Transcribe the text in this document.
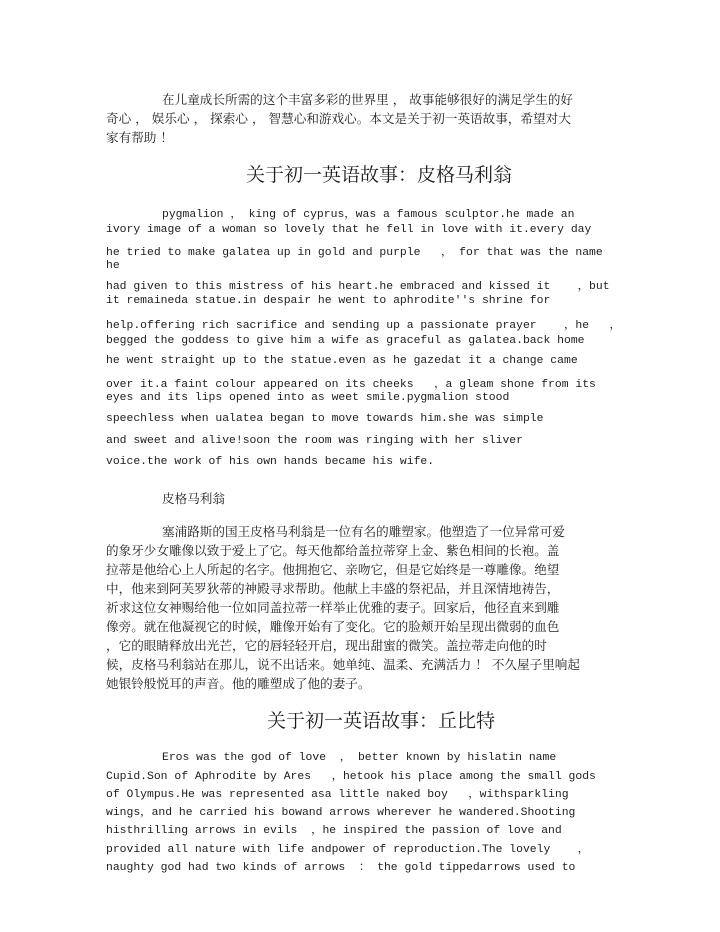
在儿童成长所需的这个丰富多彩的世界里 ， 故事能够很好的满足学生的好
奇心 ， 娱乐心 ， 探索心 ， 智慧心和游戏心。本文是关于初一英语故事，希望对大
家有帮助 ！
关于初一英语故事：皮格马利翁
pygmalion ， king of cyprus，was a famous sculptor.he made an
ivory image of a woman so lovely that he fell in love with it.every day
he tried to make galatea up in gold and purple   ， for that was the name
he
had given to this mistress of his heart.he embraced and kissed it    ，but
it remaineda statue.in despair he went to aphrodite''s shrine for
help.offering rich sacrifice and sending up a passionate prayer    ，he   ，
begged the goddess to give him a wife as graceful as galatea.back home
he went straight up to the statue.even as he gazedat it a change came
over it.a faint colour appeared on its cheeks   ，a gleam shone from its
eyes and its lips opened into as weet smile.pygmalion stood
speechless when ualatea began to move towards him.she was simple
and sweet and alive!soon the room was ringing with her sliver
voice.the work of his own hands became his wife.
皮格马利翁
塞浦路斯的国王皮格马利翁是一位有名的雕塑家。他塑造了一位异常可爱
的象牙少女雕像以致于爱上了它。每天他都给盖拉蒂穿上金、紫色相间的长袍。盖
拉蒂是他给心上人所起的名字。他拥抱它、亲吻它，但是它始终是一尊雕像。绝望
中，他来到阿芙罗狄蒂的神殿寻求帮助。他献上丰盛的祭祀品，并且深情地祷告，
祈求这位女神赐给他一位如同盖拉蒂一样举止优雅的妻子。回家后，他径直来到雕
像旁。就在他凝视它的时候，雕像开始有了变化。它的脸颊开始呈现出微弱的血色
，它的眼睛释放出光芒，它的唇轻轻开启，现出甜蜜的微笑。盖拉蒂走向他的时
候，皮格马利翁站在那儿，说不出话来。她单纯、温柔、充满活力 ！ 不久屋子里响起
她银铃般悦耳的声音。他的雕塑成了他的妻子。
关于初一英语故事：丘比特
Eros was the god of love  ， better known by hislatin name
Cupid.Son of Aphrodite by Ares   ，hetook his place among the small gods
of Olympus.He was represented asa little naked boy   ，withsparkling
wings，and he carried his bowand arrows wherever he wandered.Shooting
histhrilling arrows in evils  ，he inspired the passion of love and
provided all nature with life andpower of reproduction.The lovely    ，
naughty god had two kinds of arrows  ： the gold tippedarrows used to
